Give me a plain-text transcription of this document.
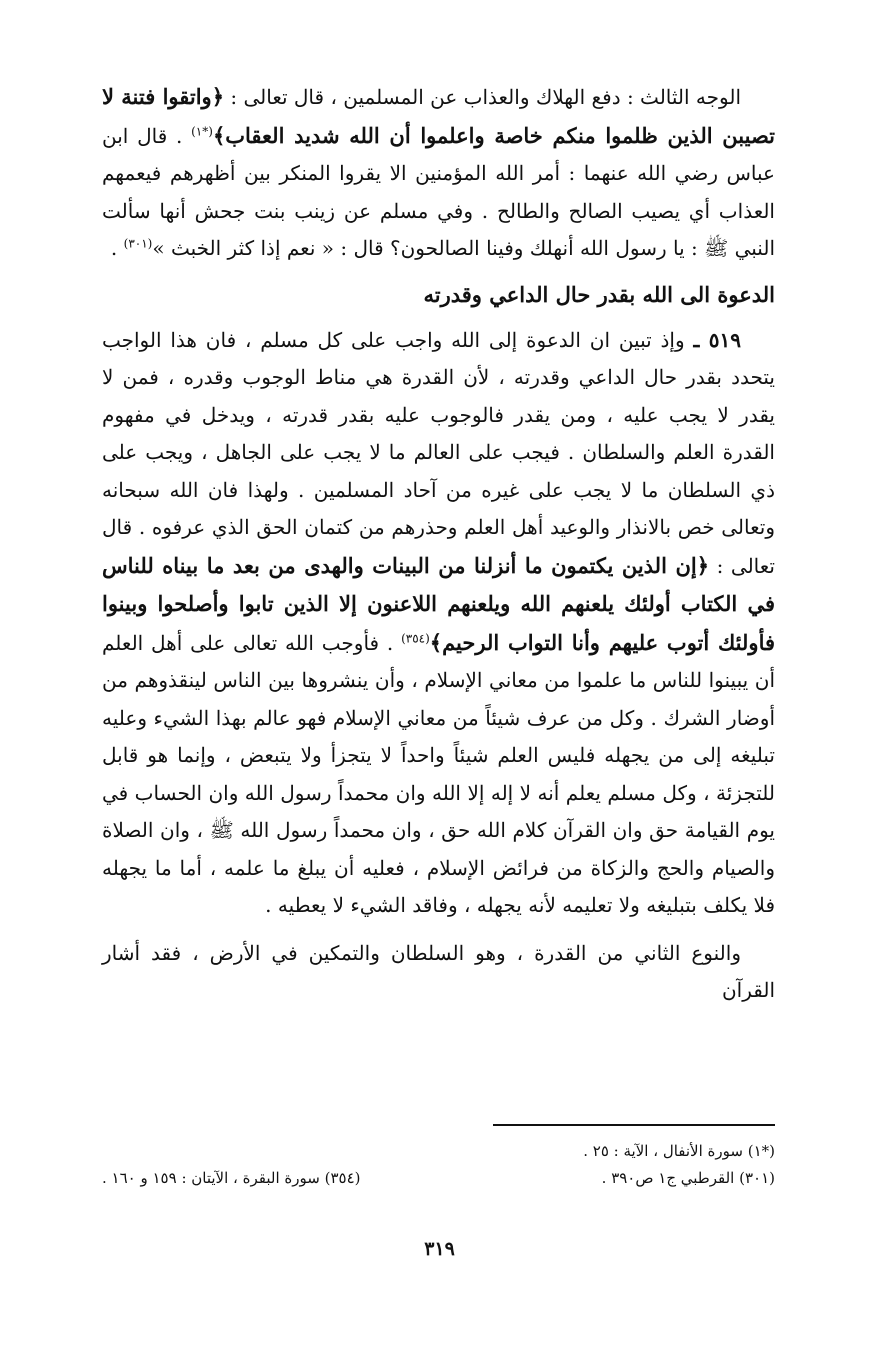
الوجه الثالث : دفع الهلاك والعذاب عن المسلمين ، قال تعالى : ﴿واتقوا فتنة لا تصيبن الذين ظلموا منكم خاصة واعلموا أن الله شديد العقاب﴾$^{(*١)}$ . قال ابن عباس رضي الله عنهما : أمر الله المؤمنين الا يقروا المنكر بين أظهرهم فيعمهم العذاب أي يصيب الصالح والطالح . وفي مسلم عن زينب بنت جحش أنها سألت النبي ﷺ : يا رسول الله أنهلك وفينا الصالحون؟ قال : « نعم إذا كثر الخبث »$^{(٣٠١)}$ .

الدعوة الى الله بقدر حال الداعي وقدرته

٥١٩ ـ وإذ تبين ان الدعوة إلى الله واجب على كل مسلم ، فان هذا الواجب يتحدد بقدر حال الداعي وقدرته ، لأن القدرة هي مناط الوجوب وقدره ، فمن لا يقدر لا يجب عليه ، ومن يقدر فالوجوب عليه بقدر قدرته ، ويدخل في مفهوم القدرة العلم والسلطان . فيجب على العالم ما لا يجب على الجاهل ، ويجب على ذي السلطان ما لا يجب على غيره من آحاد المسلمين . ولهذا فان الله سبحانه وتعالى خص بالانذار والوعيد أهل العلم وحذرهم من كتمان الحق الذي عرفوه . قال تعالى : ﴿إن الذين يكتمون ما أنزلنا من البينات والهدى من بعد ما بيناه للناس في الكتاب أولئك يلعنهم الله ويلعنهم اللاعنون إلا الذين تابوا وأصلحوا وبينوا فأولئك أتوب عليهم وأنا التواب الرحيم﴾$^{(٣٥٤)}$ . فأوجب الله تعالى على أهل العلم أن يبينوا للناس ما علموا من معاني الإسلام ، وأن ينشروها بين الناس لينقذوهم من أوضار الشرك . وكل من عرف شيئاً من معاني الإسلام فهو عالم بهذا الشيء وعليه تبليغه إلى من يجهله فليس العلم شيئاً واحداً لا يتجزأ ولا يتبعض ، وإنما هو قابل للتجزئة ، وكل مسلم يعلم أنه لا إله إلا الله وان محمداً رسول الله وان الحساب في يوم القيامة حق وان القرآن كلام الله حق ، وان محمداً رسول الله ﷺ ، وان الصلاة والصيام والحج والزكاة من فرائض الإسلام ، فعليه أن يبلغ ما علمه ، أما ما يجهله فلا يكلف بتبليغه ولا تعليمه لأنه يجهله ، وفاقد الشيء لا يعطيه .

والنوع الثاني من القدرة ، وهو السلطان والتمكين في الأرض ، فقد أشار القرآن

(*١) سورة الأنفال ، الآية : ٢٥ .
(٣٠١) القرطبي ج١ ص٣٩٠ .
(٣٥٤) سورة البقرة ، الآيتان : ١٥٩ و ١٦٠ .
٣١٩
